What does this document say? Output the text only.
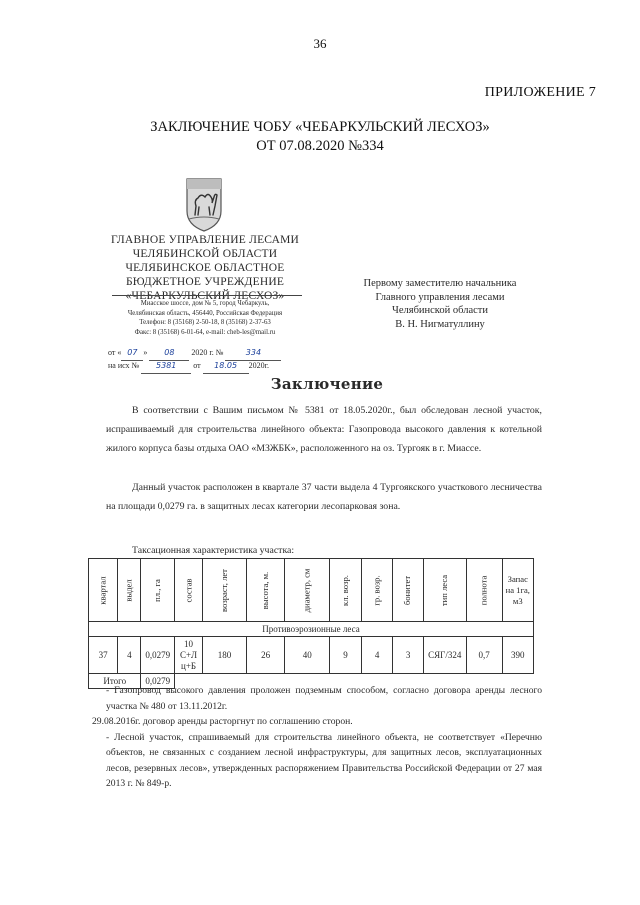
36
ПРИЛОЖЕНИЕ 7
ЗАКЛЮЧЕНИЕ ЧОБУ «ЧЕБАРКУЛЬСКИЙ ЛЕСХОЗ»
ОТ 07.08.2020 №334
ГЛАВНОЕ УПРАВЛЕНИЕ ЛЕСАМИ
ЧЕЛЯБИНСКОЙ ОБЛАСТИ
ЧЕЛЯБИНСКОЕ ОБЛАСТНОЕ
БЮДЖЕТНОЕ УЧРЕЖДЕНИЕ
«ЧЕБАРКУЛЬСКИЙ ЛЕСХОЗ»
Миасское шоссе, дом № 5, город Чебаркуль,
Челябинская область, 456440, Российская Федерация
Телефон: 8 (35168) 2-50-18, 8 (35168) 2-37-63
Факс: 8 (35168) 6-01-64, e-mail: cheb-les@mail.ru
от « 07 » 08 2020 г. №	334
на исх № 5381 от 18.05 2020г.
Первому заместителю начальника
Главного управления лесами
Челябинской области
В. Н. Нигматуллину
Заключение
В соответствии с Вашим письмом № 5381 от 18.05.2020г., был обследован лесной участок, испрашиваемый для строительства линейного объекта: Газопровода высокого давления к котельной жилого корпуса базы отдыха ОАО «МЗЖБК», расположенного на оз. Тургояк в г. Миассе.
Данный участок расположен в квартале 37 части выдела 4 Тургоякского участкового лесничества на площади 0,0279 га. в защитных лесах категории лесопарковая зона.
Таксационная характеристика участка:
квартал	выдел	пл., га	состав	возраст, лет	высота, м.	диаметр, см	кл. возр.	гр. возр.	бонитет	тип леса	полнота	Запас
на 1га,
м3

Противоэрозионные леса												
37	4	0,0279	10
С+Л
ц+Б	180	26	40	9	4	3	СЯГ/324	0,7	390
Итого		0,0279										
- Газопровод высокого давления проложен подземным способом, согласно договора аренды лесного участка № 480 от 13.11.2012г.
29.08.2016г. договор аренды расторгнут по соглашению сторон.
- Лесной участок, спрашиваемый для строительства линейного объекта, не соответствует «Перечню объектов, не связанных с созданием лесной инфраструктуры, для защитных лесов, эксплуатационных лесов, резервных лесов», утвержденных распоряжением Правительства Российской Федерации от 27 мая 2013 г. № 849-р.
